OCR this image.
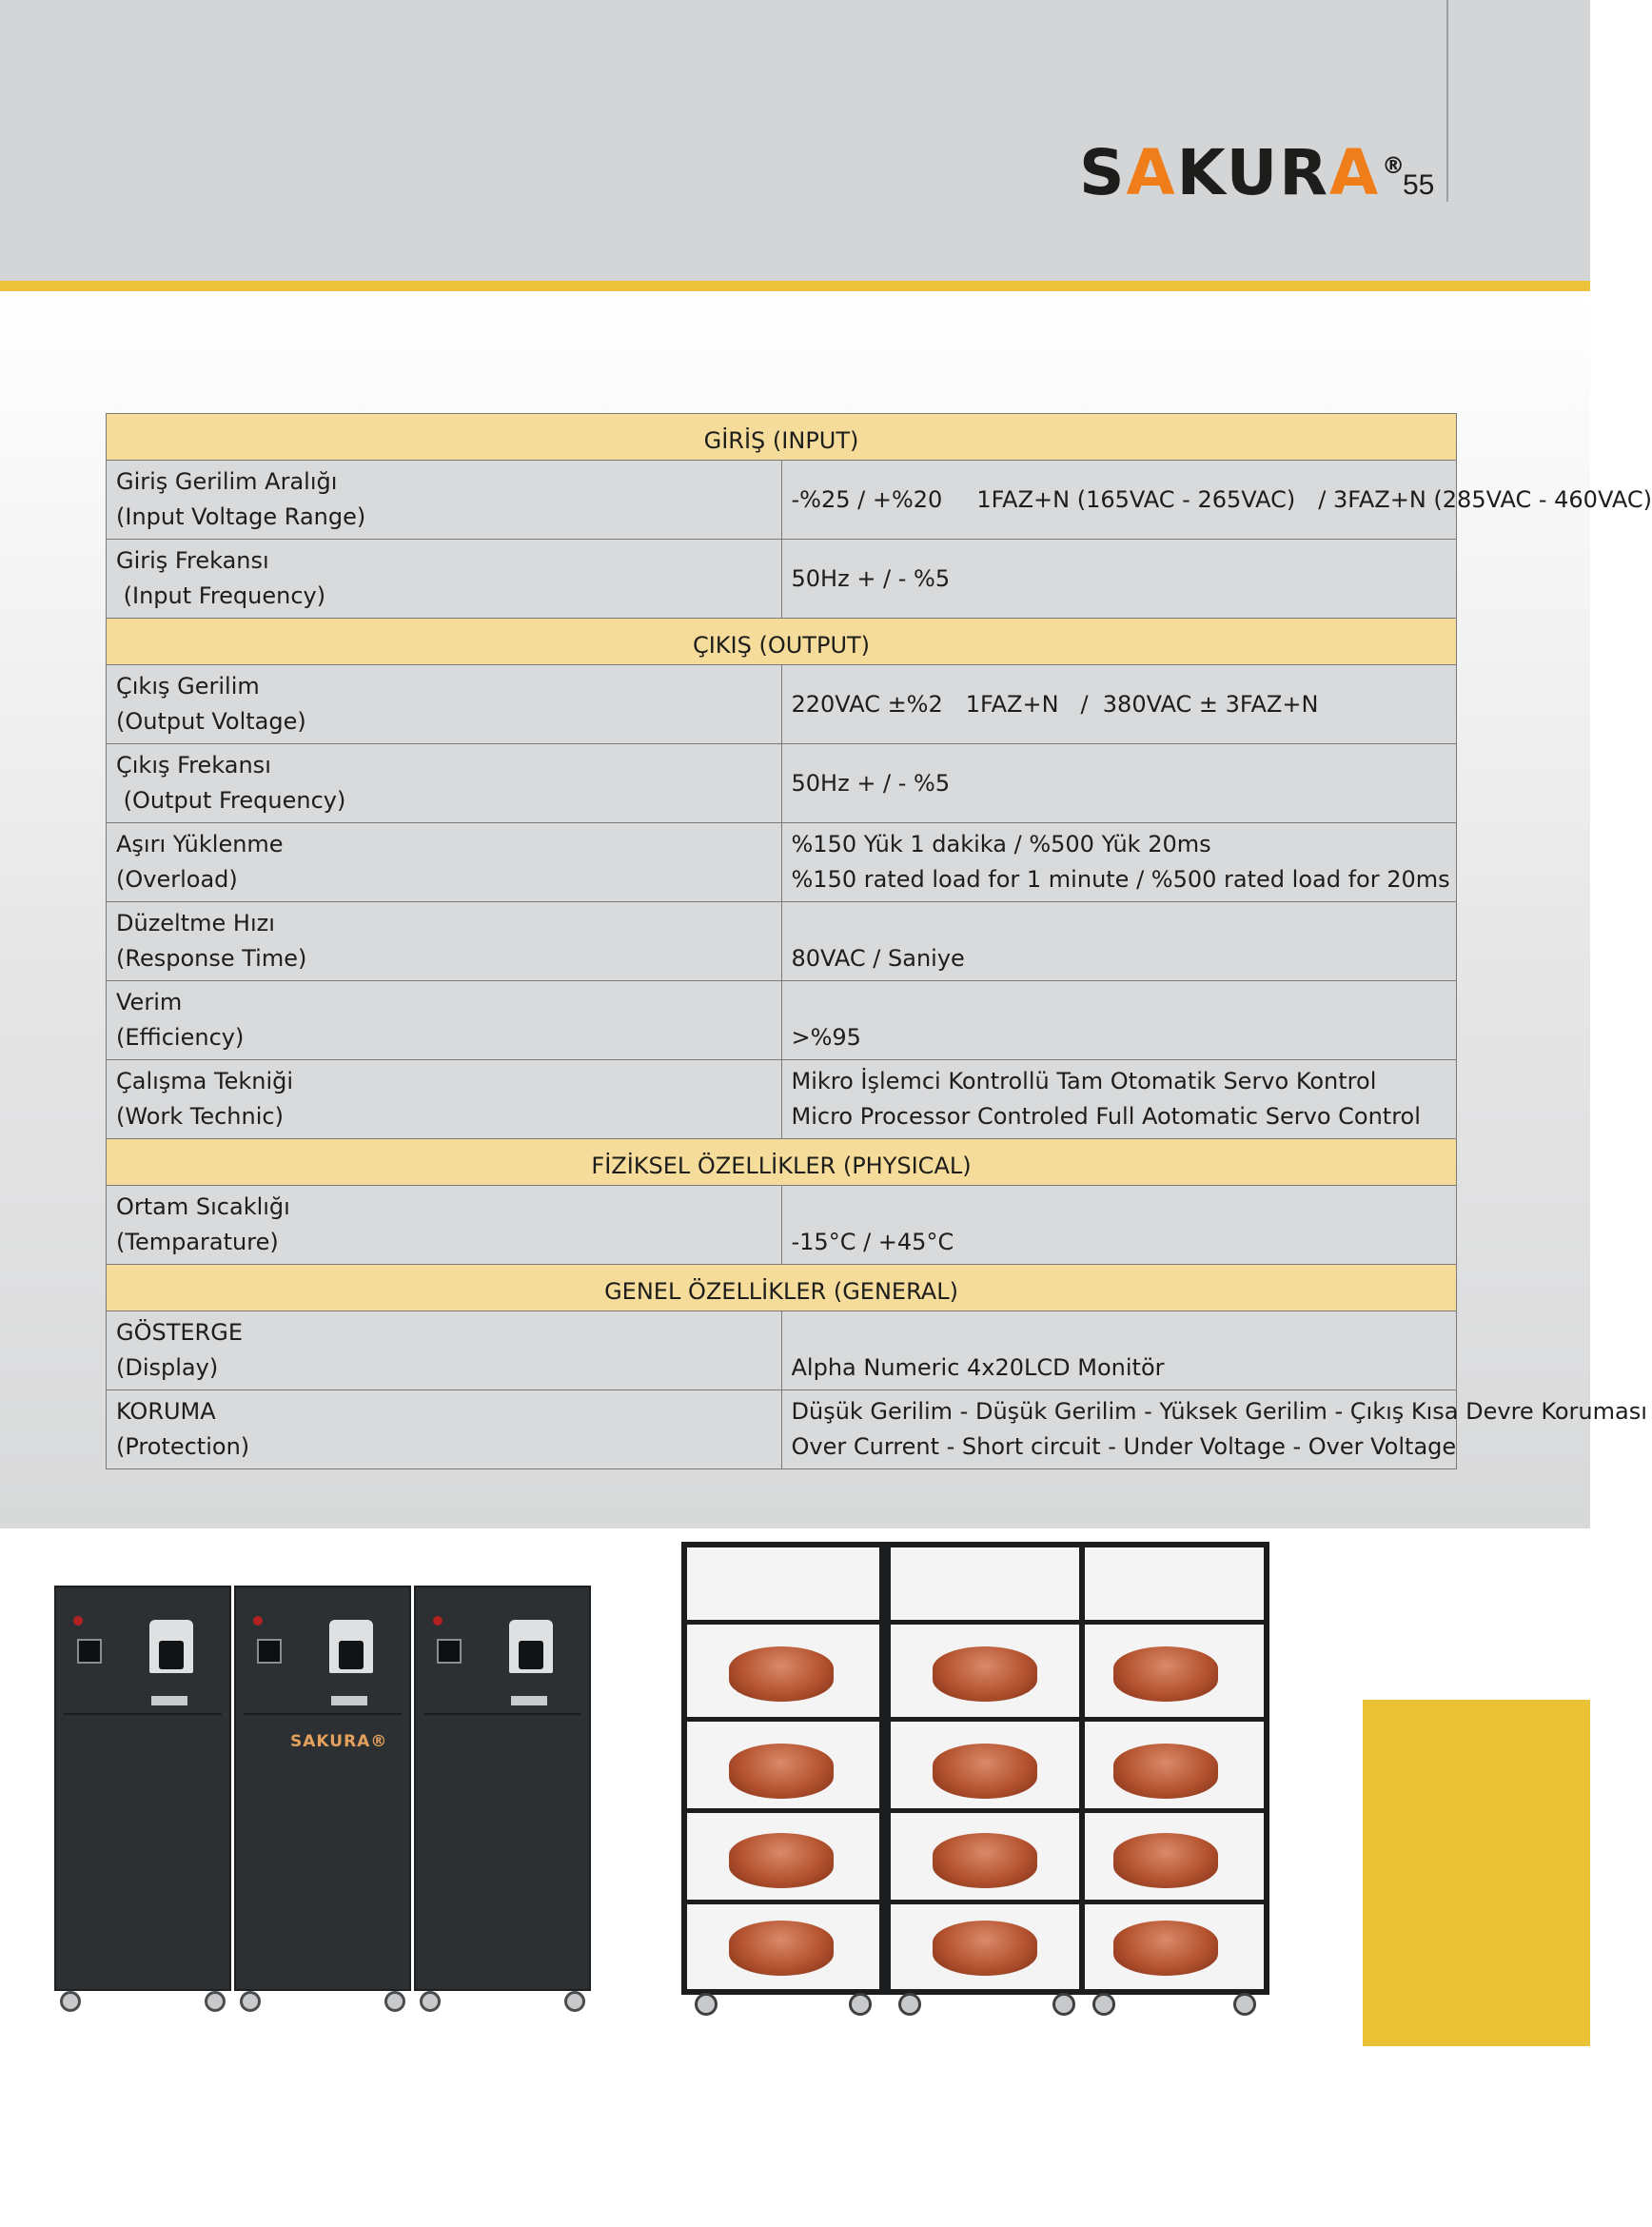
SAKURA®
55
GİRİŞ (INPUT)	

Giriş Gerilim Aralığı
(Input Voltage Range)	-%25 / +%20 1FAZ+N (165VAC - 265VAC) / 3FAZ+N (285VAC - 460VAC)

Giriş Frekansı
(Input Frequency)	50Hz + / - %5

ÇIKIŞ (OUTPUT)	

Çıkış Gerilim
(Output Voltage)	220VAC ±%2 1FAZ+N   /  380VAC ± 3FAZ+N

Çıkış Frekansı
(Output Frequency)	50Hz + / - %5

Aşırı Yüklenme
(Overload)	%150 Yük 1 dakika / %500 Yük 20ms
%150 rated load for 1 minute / %500 rated load for 20ms

Düzeltme Hızı
(Response Time)	80VAC / Saniye

Verim
(Efficiency)	>%95

Çalışma Tekniği
(Work Technic)	Mikro İşlemci Kontrollü Tam Otomatik Servo Kontrol
Micro Processor Controled Full Aotomatic Servo Control

FİZİKSEL ÖZELLİKLER (PHYSICAL)	

Ortam Sıcaklığı
(Temparature)	-15°C / +45°C

GENEL ÖZELLİKLER (GENERAL)	

GÖSTERGE
(Display)	Alpha Numeric 4x20LCD Monitör

KORUMA
(Protection)	Düşük Gerilim - Düşük Gerilim - Yüksek Gerilim - Çıkış Kısa Devre Koruması
Over Current - Short circuit - Under Voltage - Over Voltage
SAKURA®
